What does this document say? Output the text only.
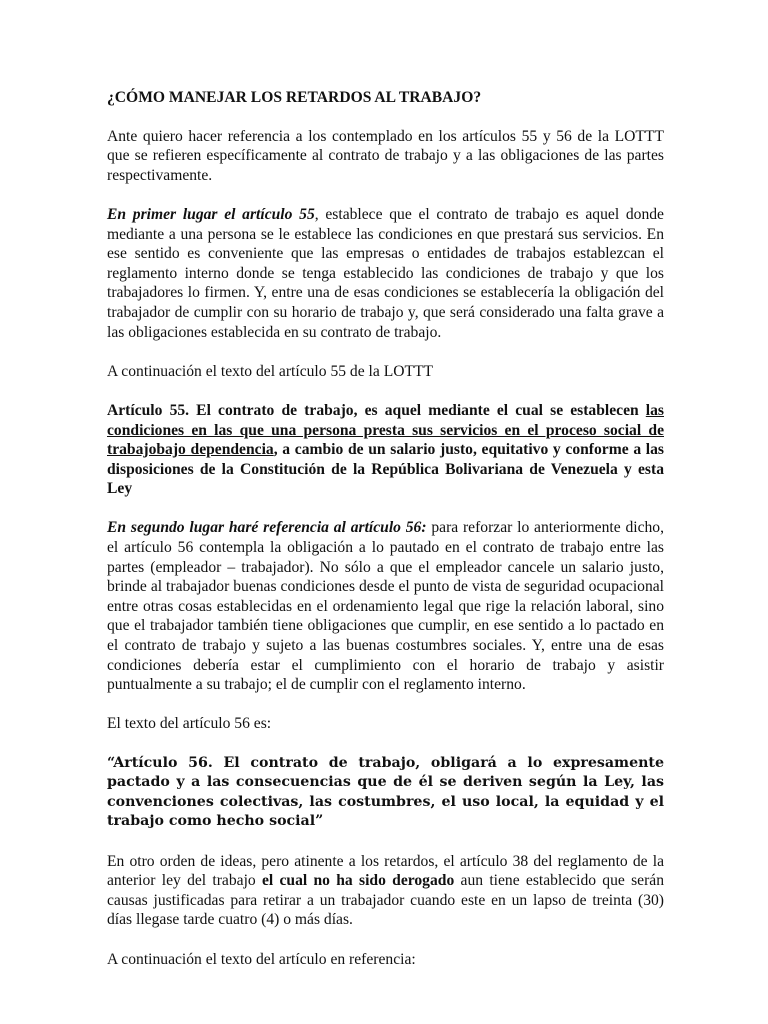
¿CÓMO MANEJAR LOS RETARDOS AL TRABAJO?

Ante quiero hacer referencia a los contemplado en los artículos 55 y 56 de la LOTTT que se refieren específicamente al contrato de trabajo y a las obligaciones de las partes respectivamente.

En primer lugar el artículo 55, establece que el contrato de trabajo es aquel donde mediante a una persona se le establece las condiciones en que prestará sus servicios. En ese sentido es conveniente que las empresas o entidades de trabajos establezcan el reglamento interno donde se tenga establecido las condiciones de trabajo y que los trabajadores lo firmen. Y, entre una de esas condiciones se establecería la obligación del trabajador de cumplir con su horario de trabajo y, que será considerado una falta grave a las obligaciones establecida en su contrato de trabajo.

A continuación el texto del artículo 55 de la LOTTT

Artículo 55. El contrato de trabajo, es aquel mediante el cual se establecen las condiciones en las que una persona presta sus servicios en el proceso social de trabajobajo dependencia, a cambio de un salario justo, equitativo y conforme a las disposiciones de la Constitución de la República Bolivariana de Venezuela y esta Ley

En segundo lugar haré referencia al artículo 56: para reforzar lo anteriormente dicho, el artículo 56 contempla la obligación a lo pautado en el contrato de trabajo entre las partes (empleador – trabajador). No sólo a que el empleador cancele un salario justo, brinde al trabajador buenas condiciones desde el punto de vista de seguridad ocupacional entre otras cosas establecidas en el ordenamiento legal que rige la relación laboral, sino que el trabajador también tiene obligaciones que cumplir, en ese sentido a lo pactado en el contrato de trabajo y sujeto a las buenas costumbres sociales. Y, entre una de esas condiciones debería estar el cumplimiento con el horario de trabajo y asistir puntualmente a su trabajo; el de cumplir con el reglamento interno.

El texto del artículo 56 es:

“Artículo 56. El contrato de trabajo, obligará a lo expresamente pactado y a las consecuencias que de él se deriven según la Ley, las convenciones colectivas, las costumbres, el uso local, la equidad y el trabajo como hecho social”

En otro orden de ideas, pero atinente a los retardos, el artículo 38 del reglamento de la anterior ley del trabajo el cual no ha sido derogado aun tiene establecido que serán causas justificadas para retirar a un trabajador cuando este en un lapso de treinta (30) días llegase tarde cuatro (4) o más días.

A continuación el texto del artículo en referencia:
